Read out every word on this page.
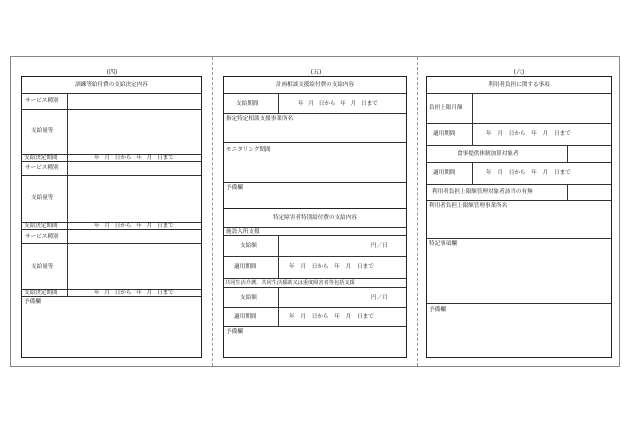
(四)
訓練等給付費の支給決定内容
サービス種別
支給量等
支給決定期間	年 月 日から 年 月 日まで
サービス種別
支給量等
支給決定期間	年 月 日から 年 月 日まで
サービス種別
支給量等
支給決定期間	年 月 日から 年 月 日まで
予備欄
(五)
計画相談支援給付費の支給内容
支給期間	年 月 日から 年 月 日まで
指定特定相談支援事業所名
モニタリング期間
予備欄
特定障害者特別給付費の支給内容
施設入所支援
支給額	円／日
適用期間	年 月 日から 年 月 日まで
共同生活介護、共同生活援助又は重度障害者等包括支援
支給額	円／月
適用期間	年 月 日から 年 月 日まで
予備欄
(六)
利用者負担に関する事項
負担上限月額
適用期間	年 月 日から 年 月 日まで
食事提供体制加算対象者
適用期間	年 月 日から 年 月 日まで
利用者負担上限額管理対象者該当の有無
利用者負担上限額管理事業所名
特記事項欄
予備欄
